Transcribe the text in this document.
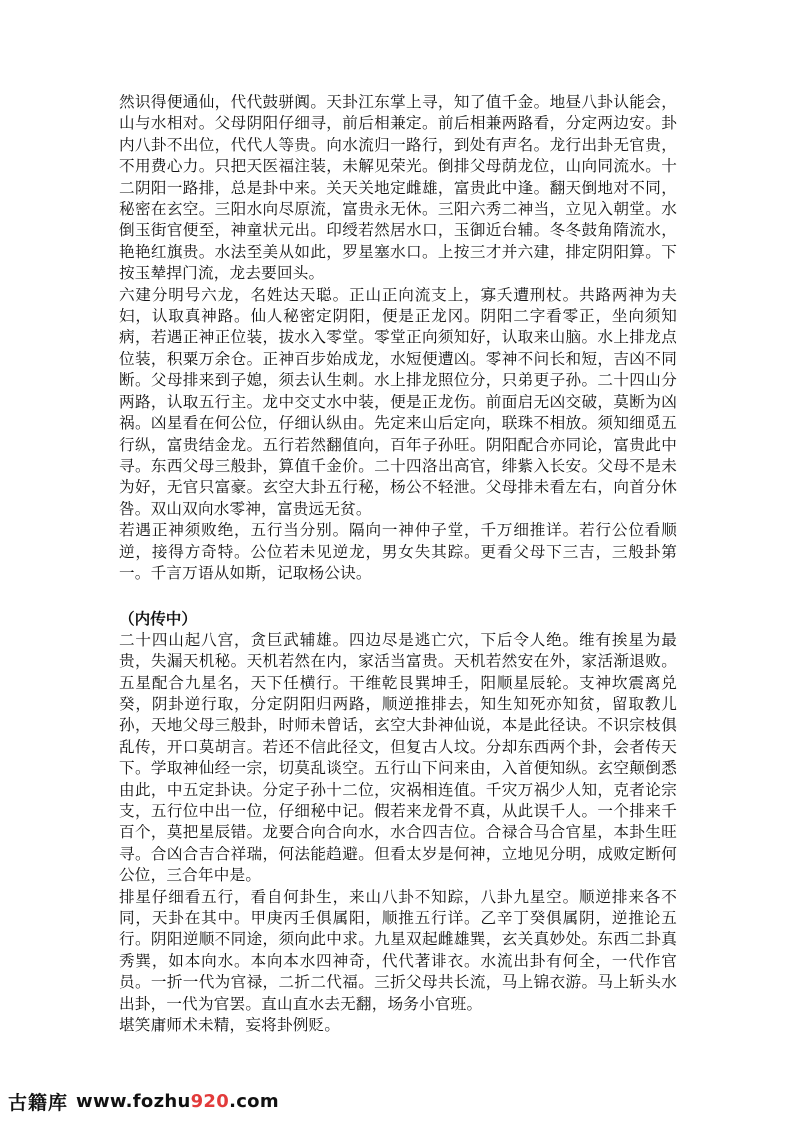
然识得便通仙，代代鼓骈阗。天卦江东掌上寻，知了值千金。地昼八卦认能会，山与水相对。父母阴阳仔细寻，前后相兼定。前后相兼两路看，分定两边安。卦内八卦不出位，代代人等贵。向水流归一路行，到处有声名。龙行出卦无官贵，不用费心力。只把天医福注装，未解见荣光。倒排父母荫龙位，山向同流水。十二阴阳一路排，总是卦中来。关天关地定雌雄，富贵此中逢。翻天倒地对不同，秘密在玄空。三阳水向尽原流，富贵永无休。三阳六秀二神当，立见入朝堂。水倒玉街官便至，神童状元出。印绶若然居水口，玉御近台辅。冬冬鼓角隋流水，艳艳红旗贵。水法至美从如此，罗星塞水口。上按三才并六建，排定阴阳算。下按玉辇捍门流，龙去要回头。

六建分明号六龙，名姓达天聪。正山正向流支上，寡夭遭刑杖。共路两神为夫妇，认取真神路。仙人秘密定阴阳，便是正龙冈。阴阳二字看零正，坐向须知病，若遇正神正位装，拔水入零堂。零堂正向须知好，认取来山脑。水上排龙点位装，积粟万余仓。正神百步始成龙，水短便遭凶。零神不问长和短，吉凶不同断。父母排来到子媳，须去认生刺。水上排龙照位分，只弟更子孙。二十四山分两路，认取五行主。龙中交丈水中装，便是正龙伤。前面启无凶交破，莫断为凶祸。凶星看在何公位，仔细认纵由。先定来山后定向，联珠不相放。须知细觅五行纵，富贵结金龙。五行若然翻值向，百年子孙旺。阴阳配合亦同论，富贵此中寻。东西父母三般卦，算值千金价。二十四洛出高官，绯紫入长安。父母不是未为好，无官只富豪。玄空大卦五行秘，杨公不轻泄。父母排未看左右，向首分休咎。双山双向水零神，富贵远无贫。

若遇正神须败绝，五行当分别。隔向一神仲子堂，千万细推详。若行公位看顺逆，接得方奇特。公位若未见逆龙，男女失其踪。更看父母下三吉，三般卦第一。千言万语从如斯，记取杨公诀。

（内传中）

二十四山起八宫，贪巨武辅雄。四边尽是逃亡穴，下后令人绝。维有挨星为最贵，失漏天机秘。天机若然在内，家活当富贵。天机若然安在外，家活渐退败。五星配合九星名，天下任横行。干维乾艮巽坤壬，阳顺星辰轮。支神坎震离兑癸，阴卦逆行取，分定阴阳归两路，顺逆推排去，知生知死亦知贫，留取教儿孙，天地父母三般卦，时师未曾话，玄空大卦神仙说，本是此径诀。不识宗枝俱乱传，开口莫胡言。若还不信此径文，但复古人坟。分却东西两个卦，会者传天下。学取神仙经一宗，切莫乱谈空。五行山下问来由，入首便知纵。玄空颠倒悉由此，中五定卦诀。分定子孙十二位，灾祸相连值。千灾万祸少人知，克者论宗支，五行位中出一位，仔细秘中记。假若来龙骨不真，从此误千人。一个排来千百个，莫把星辰错。龙要合向合向水，水合四吉位。合禄合马合官星，本卦生旺寻。合凶合吉合祥瑞，何法能趋避。但看太岁是何神，立地见分明，成败定断何公位，三合年中是。

排星仔细看五行，看自何卦生，来山八卦不知踪，八卦九星空。顺逆排来各不同，天卦在其中。甲庚丙壬俱属阳，顺推五行详。乙辛丁癸俱属阴，逆推论五行。阴阳逆顺不同途，须向此中求。九星双起雌雄巽，玄关真妙处。东西二卦真秀巽，如本向水。本向本水四神奇，代代著诽衣。水流出卦有何全，一代作官员。一折一代为官禄，二折二代福。三折父母共长流，马上锦衣游。马上斩头水出卦，一代为官罢。直山直水去无翻，场务小官班。

堪笑庸师术未精，妄将卦例贬。

古籍库 www.fozhu920.com
